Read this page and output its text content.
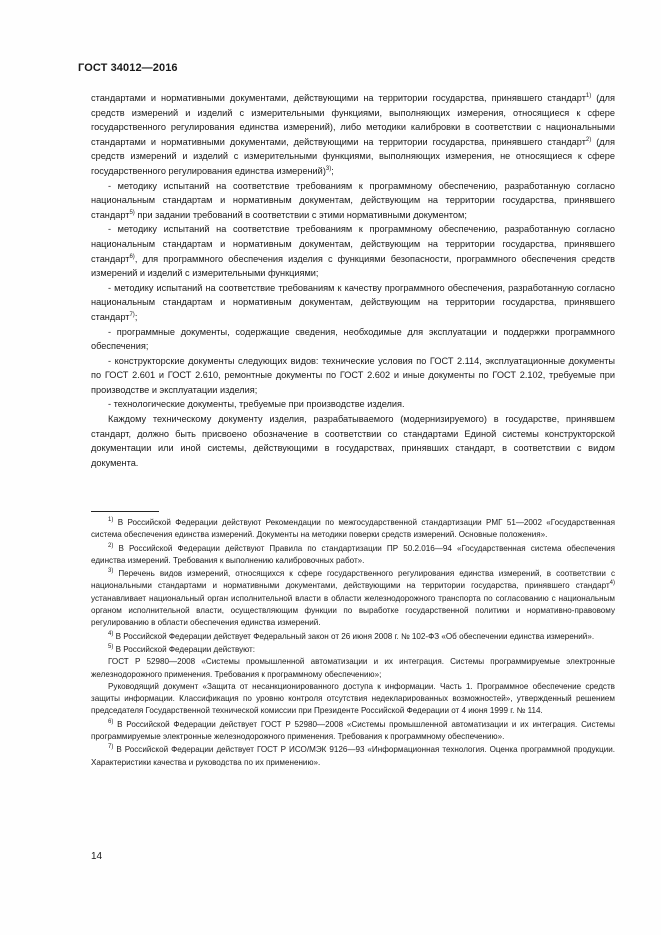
ГОСТ 34012—2016

стандартами и нормативными документами, действующими на территории государства, принявшего стандарт$^{1)}$ (для средств измерений и изделий с измерительными функциями, выполняющих измерения, относящиеся к сфере государственного регулирования единства измерений), либо методики калибровки в соответствии с национальными стандартами и нормативными документами, действующими на территории государства, принявшего стандарт$^{2)}$ (для средств измерений и изделий с измерительными функциями, выполняющих измерения, не относящиеся к сфере государственного регулирования единства измерений)$^{3)}$;

- методику испытаний на соответствие требованиям к программному обеспечению, разработанную согласно национальным стандартам и нормативным документам, действующим на территории государства, принявшего стандарт$^{5)}$ при задании требований в соответствии с этими нормативными документом;

- методику испытаний на соответствие требованиям к программному обеспечению, разработанную согласно национальным стандартам и нормативным документам, действующим на территории государства, принявшего стандарт$^{6)}$, для программного обеспечения изделия с функциями безопасности, программного обеспечения средств измерений и изделий с измерительными функциями;

- методику испытаний на соответствие требованиям к качеству программного обеспечения, разработанную согласно национальным стандартам и нормативным документам, действующим на территории государства, принявшего стандарт$^{7)}$;

- программные документы, содержащие сведения, необходимые для эксплуатации и поддержки программного обеспечения;

- конструкторские документы следующих видов: технические условия по ГОСТ 2.114, эксплуатационные документы по ГОСТ 2.601 и ГОСТ 2.610, ремонтные документы по ГОСТ 2.602 и иные документы по ГОСТ 2.102, требуемые при производстве и эксплуатации изделия;

- технологические документы, требуемые при производстве изделия.

Каждому техническому документу изделия, разрабатываемого (модернизируемого) в государстве, принявшем стандарт, должно быть присвоено обозначение в соответствии со стандартами Единой системы конструкторской документации или иной системы, действующими в государствах, принявших стандарт, в соответствии с видом документа.

$^{1)}$ В Российской Федерации действуют Рекомендации по межгосударственной стандартизации РМГ 51—2002 «Государственная система обеспечения единства измерений. Документы на методики поверки средств измерений. Основные положения».

$^{2)}$ В Российской Федерации действуют Правила по стандартизации ПР 50.2.016—94 «Государственная система обеспечения единства измерений. Требования к выполнению калибровочных работ».

$^{3)}$ Перечень видов измерений, относящихся к сфере государственного регулирования единства измерений, в соответствии с национальными стандартами и нормативными документами, действующими на территории государства, принявшего стандарт$^{4)}$ устанавливает национальный орган исполнительной власти в области железнодорожного транспорта по согласованию с национальным органом исполнительной власти, осуществляющим функции по выработке государственной политики и нормативно-правовому регулированию в области обеспечения единства измерений.

$^{4)}$ В Российской Федерации действует Федеральный закон от 26 июня 2008 г. № 102-ФЗ «Об обеспечении единства измерений».

$^{5)}$ В Российской Федерации действуют:

ГОСТ Р 52980—2008 «Системы промышленной автоматизации и их интеграция. Системы программируемые электронные железнодорожного применения. Требования к программному обеспечению»;

Руководящий документ «Защита от несанкционированного доступа к информации. Часть 1. Программное обеспечение средств защиты информации. Классификация по уровню контроля отсутствия недекларированных возможностей», утвержденный решением председателя Государственной технической комиссии при Президенте Российской Федерации от 4 июня 1999 г. № 114.

$^{6)}$ В Российской Федерации действует ГОСТ Р 52980—2008 «Системы промышленной автоматизации и их интеграция. Системы программируемые электронные железнодорожного применения. Требования к программному обеспечению».

$^{7)}$ В Российской Федерации действует ГОСТ Р ИСО/МЭК 9126—93 «Информационная технология. Оценка программной продукции. Характеристики качества и руководства по их применению».

14
